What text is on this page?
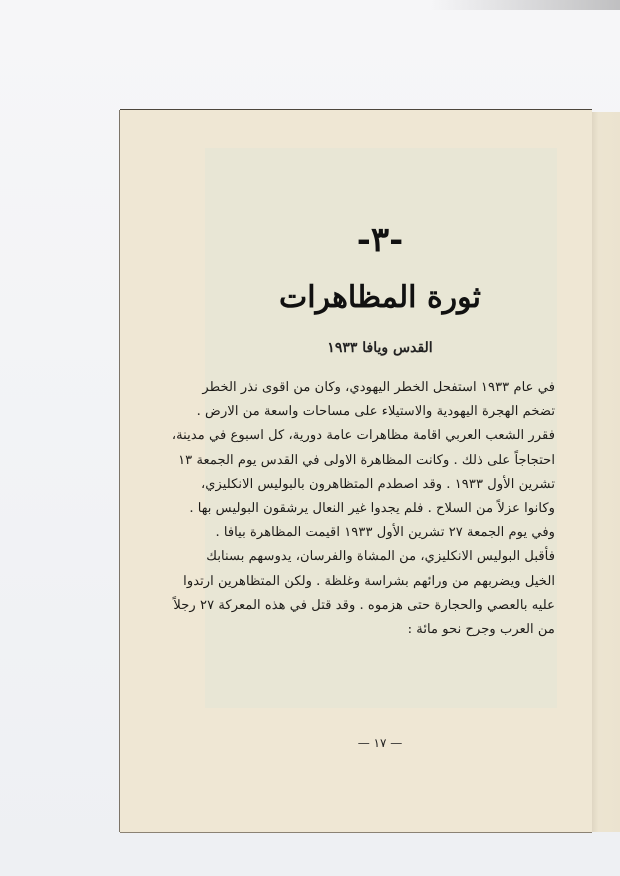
-٣-
ثورة المظاهرات
القدس ويافا ١٩٣٣
في عام ١٩٣٣ استفحل الخطر اليهودي، وكان من اقوى نذر الخطر
تضخم الهجرة اليهودية والاستيلاء على مساحات واسعة من الارض .
فقرر الشعب العربي اقامة مظاهرات عامة دورية، كل اسبوع في مدينة،
احتجاجاً على ذلك . وكانت المظاهرة الاولى في القدس يوم الجمعة ١٣
تشرين الأول ١٩٣٣ . وقد اصطدم المتظاهرون بالبوليس الانكليزي،
وكانوا عزلاً من السلاح . فلم يجدوا غير النعال يرشقون البوليس بها .
وفي يوم الجمعة ٢٧ تشرين الأول ١٩٣٣ اقيمت المظاهرة بيافا .
فأقبل البوليس الانكليزي، من المشاة والفرسان، يدوسهم بسنابك
الخيل ويضربهم من ورائهم بشراسة وغلظة . ولكن المتظاهرين ارتدوا
عليه بالعصي والحجارة حتى هزموه . وقد قتل في هذه المعركة ٢٧ رجلاً
من العرب وجرح نحو مائة :
— ١٧ —
